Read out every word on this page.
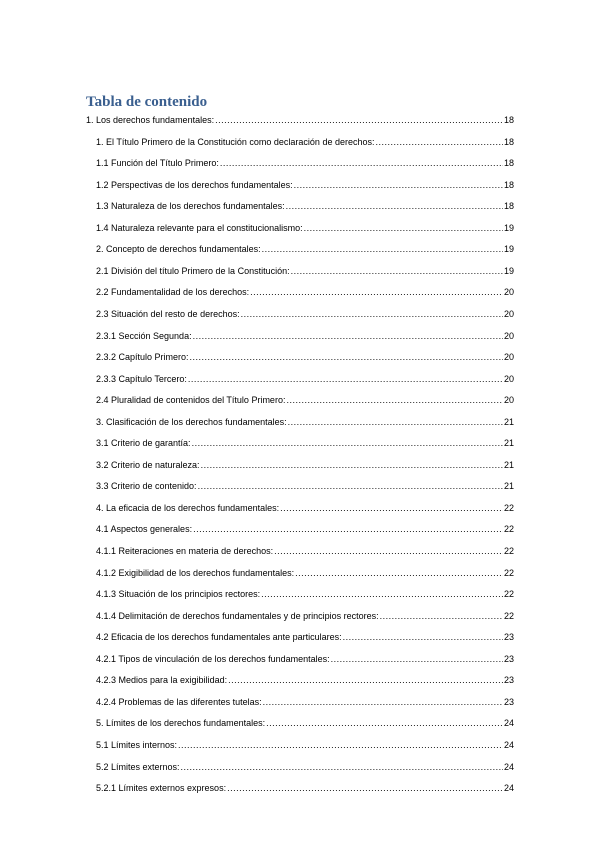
Tabla de contenido
1. Los derechos fundamentales: .....	18
1. El Título Primero de la Constitución como declaración de derechos: .....	18
1.1 Función del Título Primero: .....	18
1.2 Perspectivas de los derechos fundamentales: .....	18
1.3 Naturaleza de los derechos fundamentales: .....	18
1.4 Naturaleza relevante para el constitucionalismo: .....	19
2. Concepto de derechos fundamentales: .....	19
2.1 División del título Primero de la Constitución: .....	19
2.2 Fundamentalidad de los derechos: .....	20
2.3 Situación del resto de derechos: .....	20
2.3.1 Sección Segunda: .....	20
2.3.2 Capítulo Primero: .....	20
2.3.3 Capítulo Tercero: .....	20
2.4 Pluralidad de contenidos del Título Primero: .....	20
3. Clasificación de los derechos fundamentales: .....	21
3.1 Criterio de garantía: .....	21
3.2 Criterio de naturaleza: .....	21
3.3 Criterio de contenido: .....	21
4. La eficacia de los derechos fundamentales: .....	22
4.1 Aspectos generales: .....	22
4.1.1 Reiteraciones en materia de derechos: .....	22
4.1.2 Exigibilidad de los derechos fundamentales: .....	22
4.1.3 Situación de los principios rectores: .....	22
4.1.4 Delimitación de derechos fundamentales y de principios rectores: .....	22
4.2 Eficacia de los derechos fundamentales ante particulares: .....	23
4.2.1 Tipos de vinculación de los derechos fundamentales: .....	23
4.2.3 Medios para la exigibilidad: .....	23
4.2.4 Problemas de las diferentes tutelas: .....	23
5. Límites de los derechos fundamentales: .....	24
5.1 Límites internos: .....	24
5.2 Límites externos: .....	24
5.2.1 Límites externos expresos: .....	24
